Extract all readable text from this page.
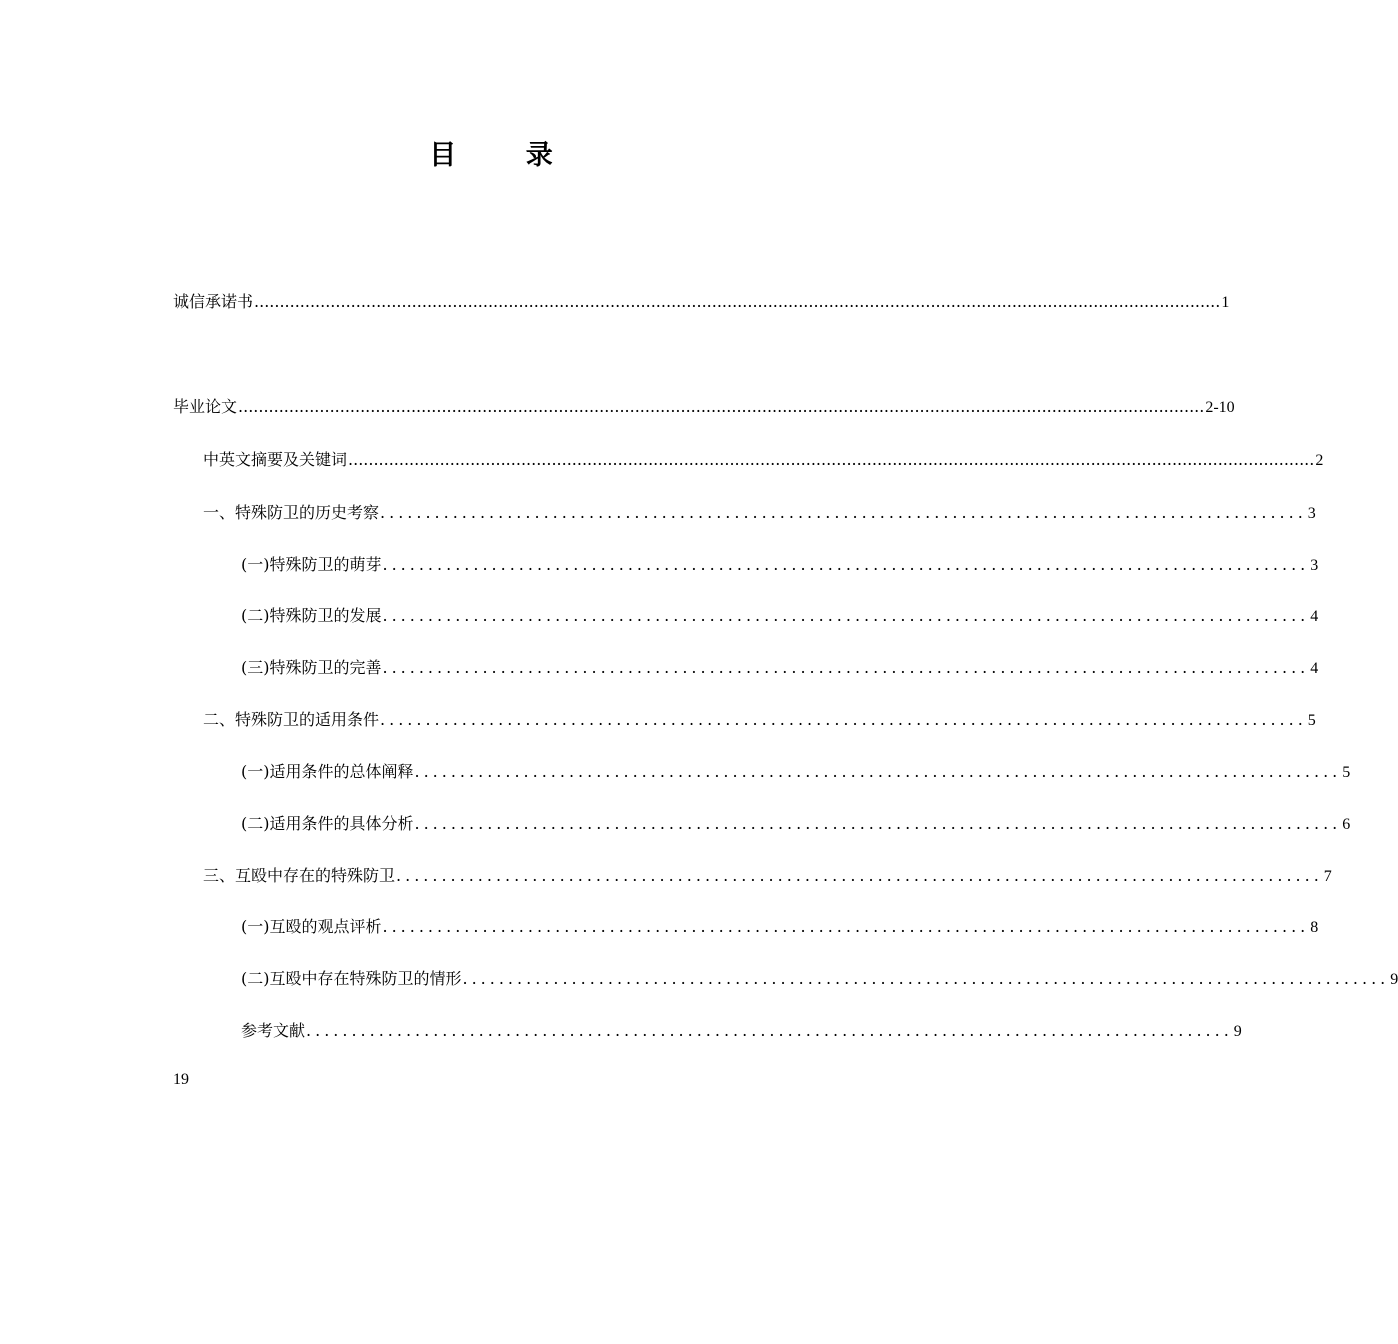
目 录
诚信承诺书 .............................................................................................................................................................................................. 1
毕业论文 .............................................................................................................................................................................................. 2-10
中英文摘要及关键词 .............................................................................................................................................................................................. 2
一、特殊防卫的历史考察 ...................................................................................................... 3
(一)特殊防卫的萌芽 ...................................................................................................... 3
(二)特殊防卫的发展 ...................................................................................................... 4
(三)特殊防卫的完善 ...................................................................................................... 4
二、特殊防卫的适用条件 ...................................................................................................... 5
(一)适用条件的总体阐释 ...................................................................................................... 5
(二)适用条件的具体分析 ...................................................................................................... 6
三、互殴中存在的特殊防卫 ...................................................................................................... 7
(一)互殴的观点评析 ...................................................................................................... 8
(二)互殴中存在特殊防卫的情形 ...................................................................................................... 9
参考文献 ...................................................................................................... 9
19
